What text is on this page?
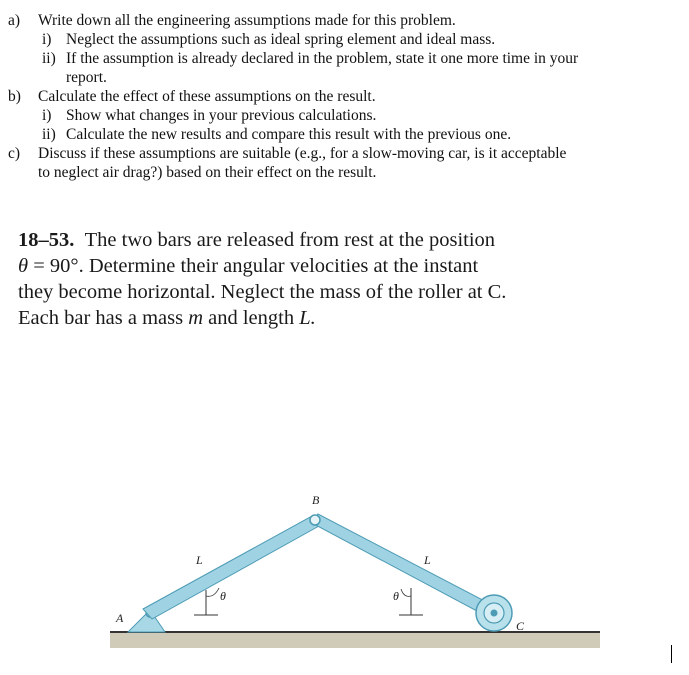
a) Write down all the engineering assumptions made for this problem.
i) Neglect the assumptions such as ideal spring element and ideal mass.
ii) If the assumption is already declared in the problem, state it one more time in your
report.
b) Calculate the effect of these assumptions on the result.
i) Show what changes in your previous calculations.
ii) Calculate the new results and compare this result with the previous one.
c) Discuss if these assumptions are suitable (e.g., for a slow-moving car, is it acceptable
to neglect air drag?) based on their effect on the result.
18–53. The two bars are released from rest at the position
θ = 90°. Determine their angular velocities at the instant
they become horizontal. Neglect the mass of the roller at C.
Each bar has a mass m and length L.
A
B
C
L	L
θ	θ
